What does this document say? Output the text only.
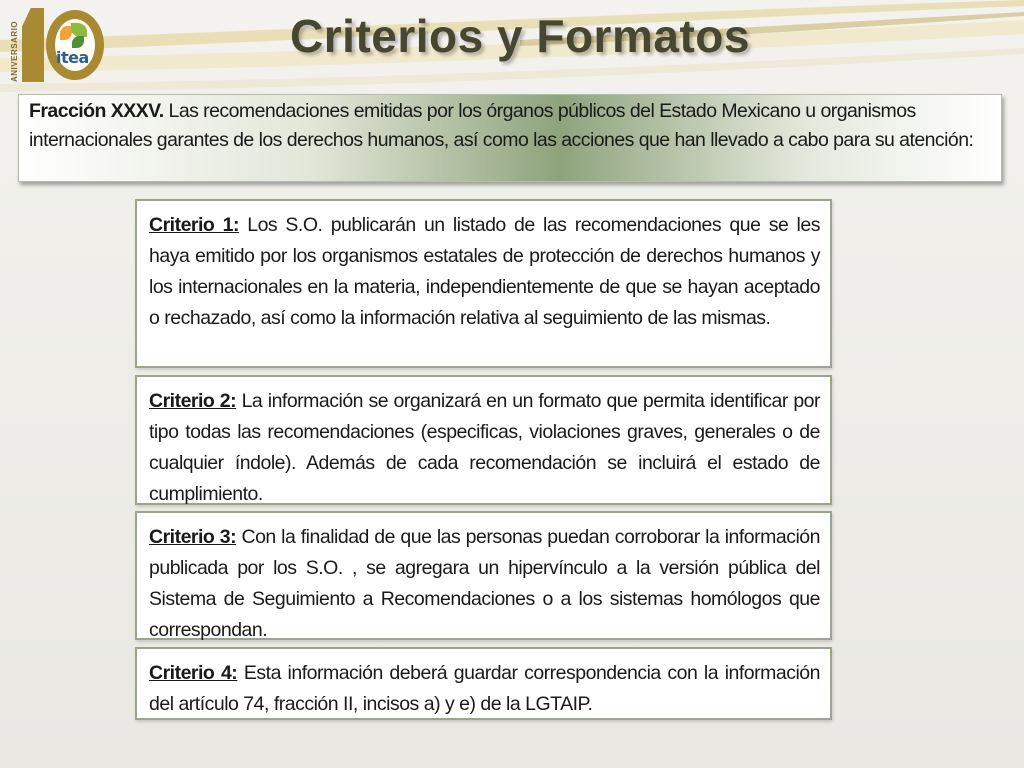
ANIVERSARIO itea	Criterios y Formatos
Fracción XXXV. Las recomendaciones emitidas por los órganos públicos del Estado Mexicano u organismos internacionales garantes de los derechos humanos, así como las acciones que han llevado a cabo para su atención:
Criterio 1: Los S.O. publicarán un listado de las recomendaciones que se les haya emitido por los organismos estatales de protección de derechos humanos y los internacionales en la materia, independientemente de que se hayan aceptado o rechazado, así como la información relativa al seguimiento de las mismas.
Criterio 2: La información se organizará en un formato que permita identificar por tipo todas las recomendaciones (especificas, violaciones graves, generales o de cualquier índole). Además de cada recomendación se incluirá el estado de cumplimiento.
Criterio 3: Con la finalidad de que las personas puedan corroborar la información publicada por los S.O. , se agregara un hipervínculo a la versión pública del Sistema de Seguimiento a Recomendaciones o a los sistemas homólogos que correspondan.
Criterio 4: Esta información deberá guardar correspondencia con la información del artículo 74, fracción II, incisos a) y e) de la LGTAIP.
